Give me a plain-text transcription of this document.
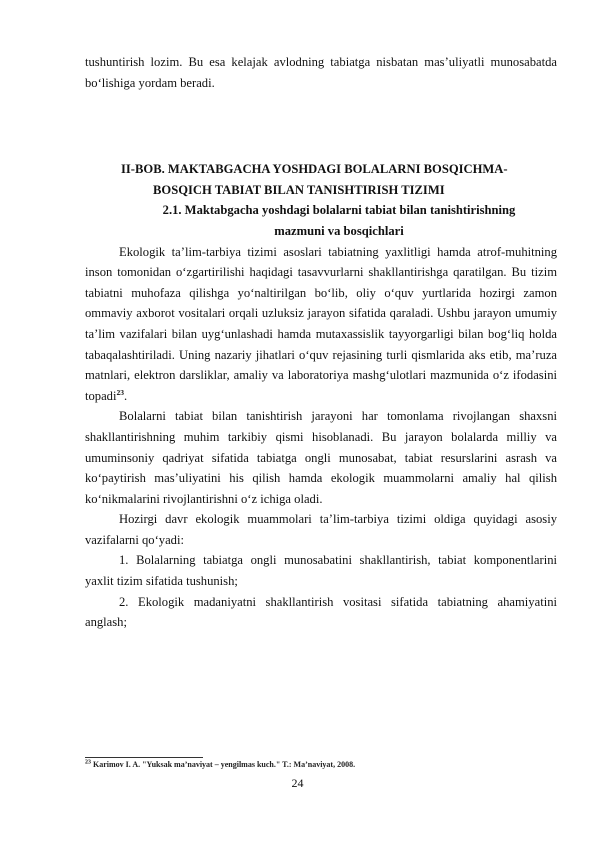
tushuntirish lozim. Bu esa kelajak avlodning tabiatga nisbatan mas’uliyatli munosabatda bo‘lishiga yordam beradi.

II-BOB. MAKTABGACHA YOSHDAGI BOLALARNI BOSQICHMA-
BOSQICH TABIAT BILAN TANISHTIRISH TIZIMI

2.1. Maktabgacha yoshdagi bolalarni tabiat bilan tanishtirishning
mazmuni va bosqichlari

Ekologik ta’lim-tarbiya tizimi asoslari tabiatning yaxlitligi hamda atrof-muhitning inson tomonidan o‘zgartirilishi haqidagi tasavvurlarni shakllantirishga qaratilgan. Bu tizim tabiatni muhofaza qilishga yo‘naltirilgan bo‘lib, oliy o‘quv yurtlarida hozirgi zamon ommaviy axborot vositalari orqali uzluksiz jarayon sifatida qaraladi. Ushbu jarayon umumiy ta’lim vazifalari bilan uyg‘unlashadi hamda mutaxassislik tayyorgarligi bilan bog‘liq holda tabaqalashtiriladi. Uning nazariy jihatlari o‘quv rejasining turli qismlarida aks etib, ma’ruza matnlari, elektron darsliklar, amaliy va laboratoriya mashg‘ulotlari mazmunida o‘z ifodasini topadi$^{23}$.

Bolalarni tabiat bilan tanishtirish jarayoni har tomonlama rivojlangan shaxsni shakllantirishning muhim tarkibiy qismi hisoblanadi. Bu jarayon bolalarda milliy va umuminsoniy qadriyat sifatida tabiatga ongli munosabat, tabiat resurslarini asrash va ko‘paytirish mas’uliyatini his qilish hamda ekologik muammolarni amaliy hal qilish ko‘nikmalarini rivojlantirishni o‘z ichiga oladi.

Hozirgi davr ekologik muammolari ta’lim-tarbiya tizimi oldiga quyidagi asosiy vazifalarni qo‘yadi:

1. Bolalarning tabiatga ongli munosabatini shakllantirish, tabiat komponentlarini yaxlit tizim sifatida tushunish;

2. Ekologik madaniyatni shakllantirish vositasi sifatida tabiatning ahamiyatini anglash;

$^{23}$ Karimov I. A. "Yuksak ma’naviyat – yengilmas kuch." T.: Ma’naviyat, 2008.
24
